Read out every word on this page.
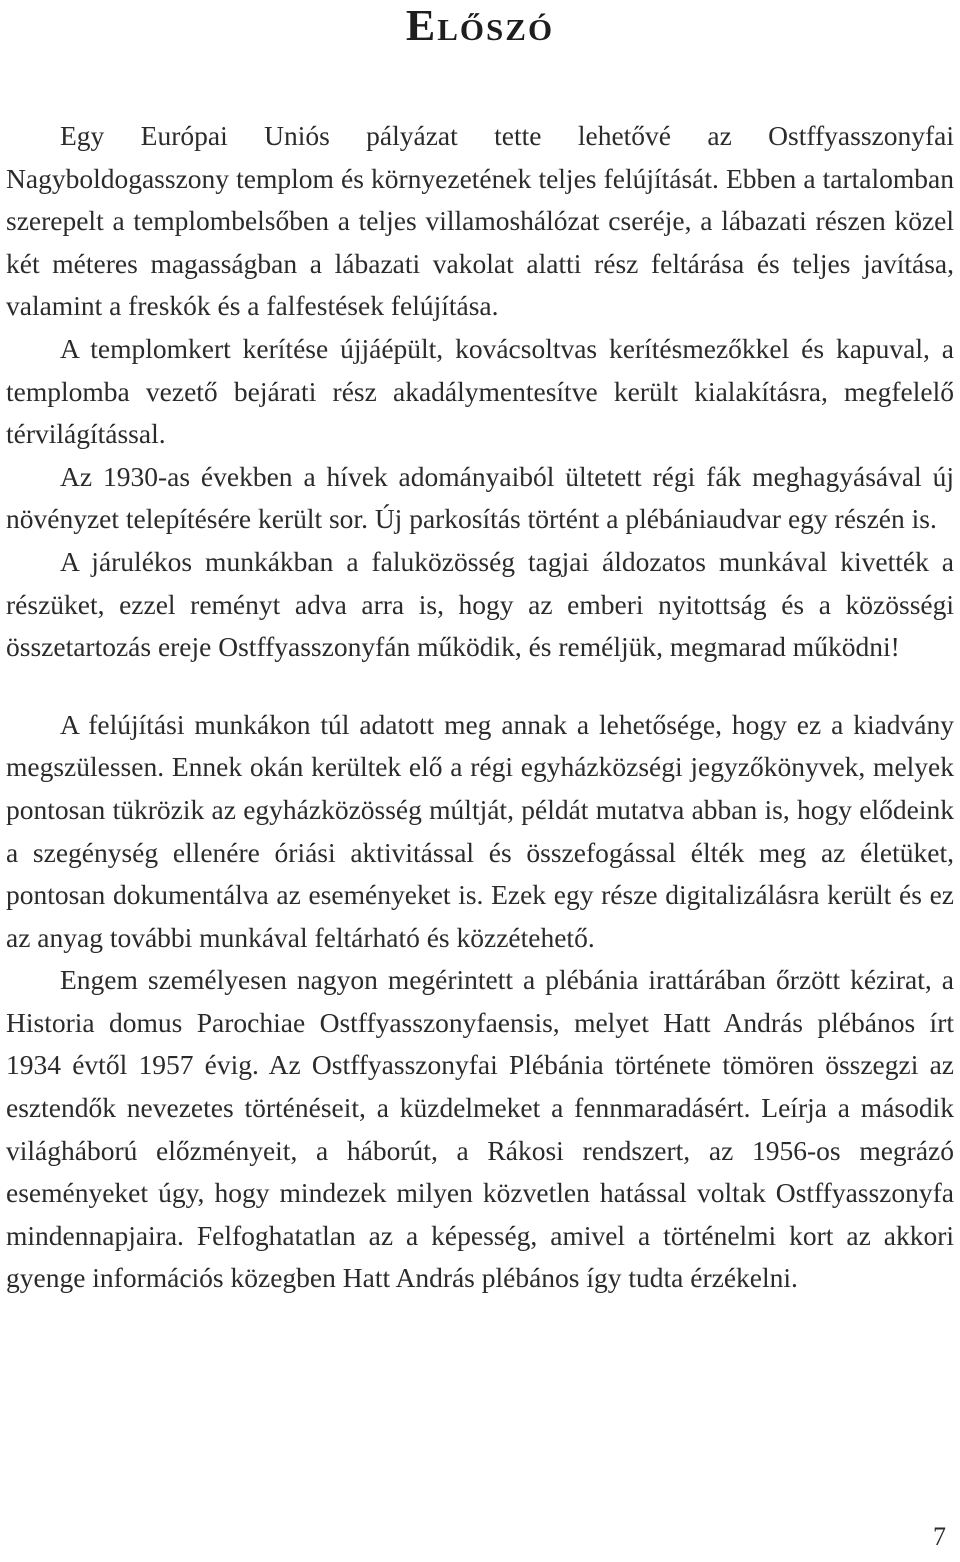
Előszó

Egy Európai Uniós pályázat tette lehetővé az Ostffyasszonyfai Nagyboldogasszony templom és környezetének teljes felújítását. Ebben a tartalomban szerepelt a templombelsőben a teljes villamoshálózat cseréje, a lábazati részen közel két méteres magasságban a lábazati vakolat alatti rész feltárása és teljes javítása, valamint a freskók és a falfestések felújítása.

A templomkert kerítése újjáépült, kovácsoltvas kerítésmezőkkel és kapuval, a templomba vezető bejárati rész akadálymentesítve került kialakításra, megfelelő térvilágítással.

Az 1930-as években a hívek adományaiból ültetett régi fák meghagyásával új növényzet telepítésére került sor. Új parkosítás történt a plébániaudvar egy részén is.

A járulékos munkákban a faluközösség tagjai áldozatos munkával kivették a részüket, ezzel reményt adva arra is, hogy az emberi nyitottság és a közösségi összetartozás ereje Ostffyasszonyfán működik, és reméljük, megmarad működni!

A felújítási munkákon túl adatott meg annak a lehetősége, hogy ez a kiadvány megszülessen. Ennek okán kerültek elő a régi egyházközségi jegyzőkönyvek, melyek pontosan tükrözik az egyházközösség múltját, példát mutatva abban is, hogy elődeink a szegénység ellenére óriási aktivitással és összefogással élték meg az életüket, pontosan dokumentálva az eseményeket is. Ezek egy része digitalizálásra került és ez az anyag további munkával feltárható és közzétehető.

Engem személyesen nagyon megérintett a plébánia irattárában őrzött kézirat, a Historia domus Parochiae Ostffyasszonyfaensis, melyet Hatt András plébános írt 1934 évtől 1957 évig. Az Ostffyasszonyfai Plébánia története tömören összegzi az esztendők nevezetes történéseit, a küzdelmeket a fennmaradásért. Leírja a második világháború előzményeit, a háborút, a Rákosi rendszert, az 1956-os megrázó eseményeket úgy, hogy mindezek milyen közvetlen hatással voltak Ostffyasszonyfa mindennapjaira. Felfoghatatlan az a képesség, amivel a történelmi kort az akkori gyenge információs közegben Hatt András plébános így tudta érzékelni.

7
